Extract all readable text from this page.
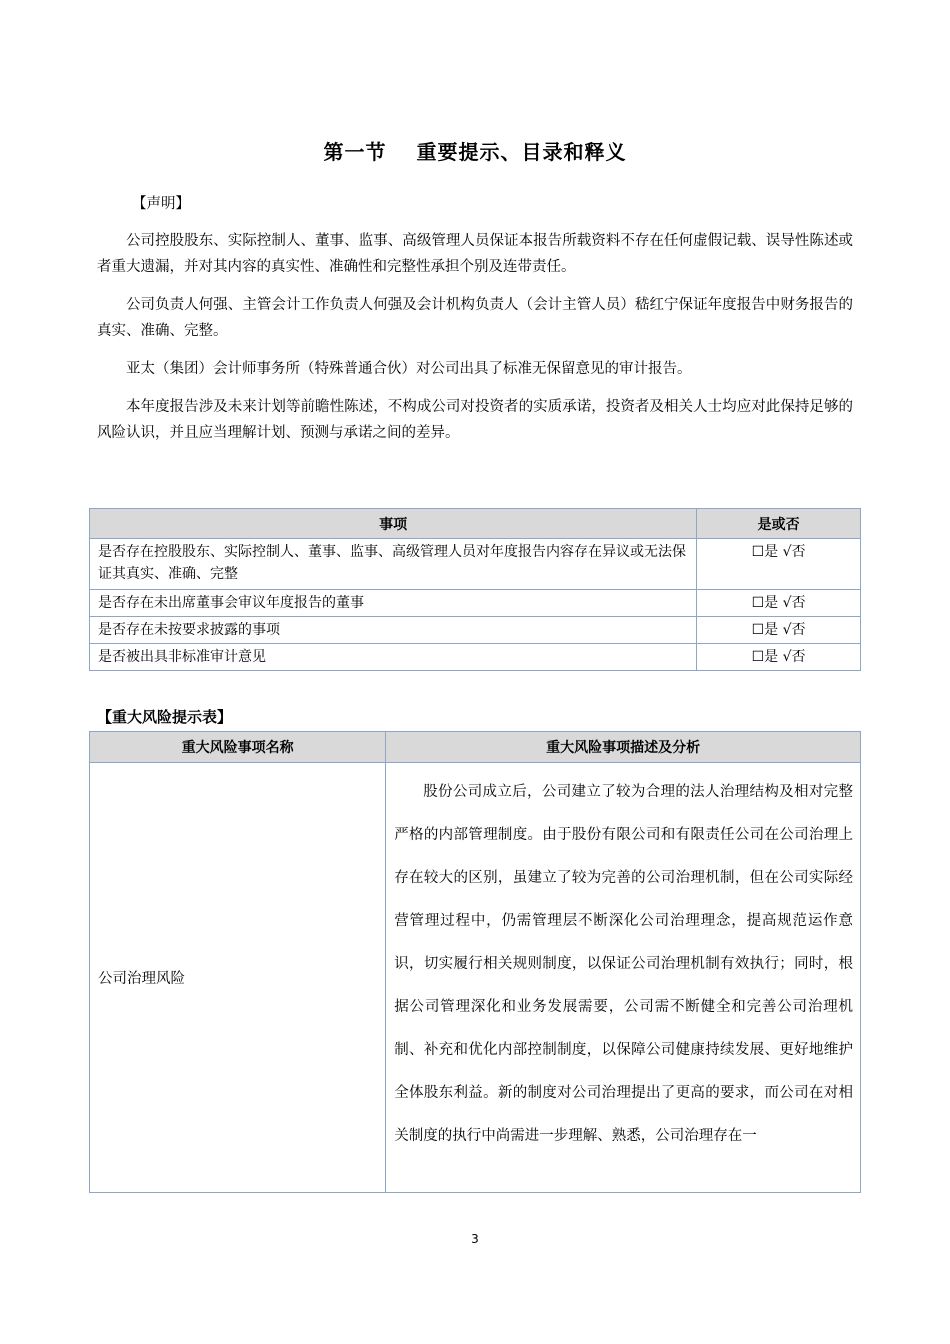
第一节 重要提示、目录和释义
【声明】

公司控股股东、实际控制人、董事、监事、高级管理人员保证本报告所载资料不存在任何虚假记载、误导性陈述或者重大遗漏，并对其内容的真实性、准确性和完整性承担个别及连带责任。

公司负责人何强、主管会计工作负责人何强及会计机构负责人（会计主管人员）嵇红宁保证年度报告中财务报告的真实、准确、完整。

亚太（集团）会计师事务所（特殊普通合伙）对公司出具了标准无保留意见的审计报告。

本年度报告涉及未来计划等前瞻性陈述，不构成公司对投资者的实质承诺，投资者及相关人士均应对此保持足够的风险认识，并且应当理解计划、预测与承诺之间的差异。

事项	是或否
是否存在控股股东、实际控制人、董事、监事、高级管理人员对年度报告内容存在异议或无法保证其真实、准确、完整	☐是 √否
是否存在未出席董事会审议年度报告的董事	☐是 √否
是否存在未按要求披露的事项	☐是 √否
是否被出具非标准审计意见	☐是 √否
【重大风险提示表】
重大风险事项名称	重大风险事项描述及分析
公司治理风险	股份公司成立后，公司建立了较为合理的法人治理结构及相对完整严格的内部管理制度。由于股份有限公司和有限责任公司在公司治理上存在较大的区别，虽建立了较为完善的公司治理机制，但在公司实际经营管理过程中，仍需管理层不断深化公司治理理念，提高规范运作意识，切实履行相关规则制度，以保证公司治理机制有效执行；同时，根据公司管理深化和业务发展需要，公司需不断健全和完善公司治理机制、补充和优化内部控制制度，以保障公司健康持续发展、更好地维护全体股东利益。新的制度对公司治理提出了更高的要求，而公司在对相关制度的执行中尚需进一步理解、熟悉，公司治理存在一
3
